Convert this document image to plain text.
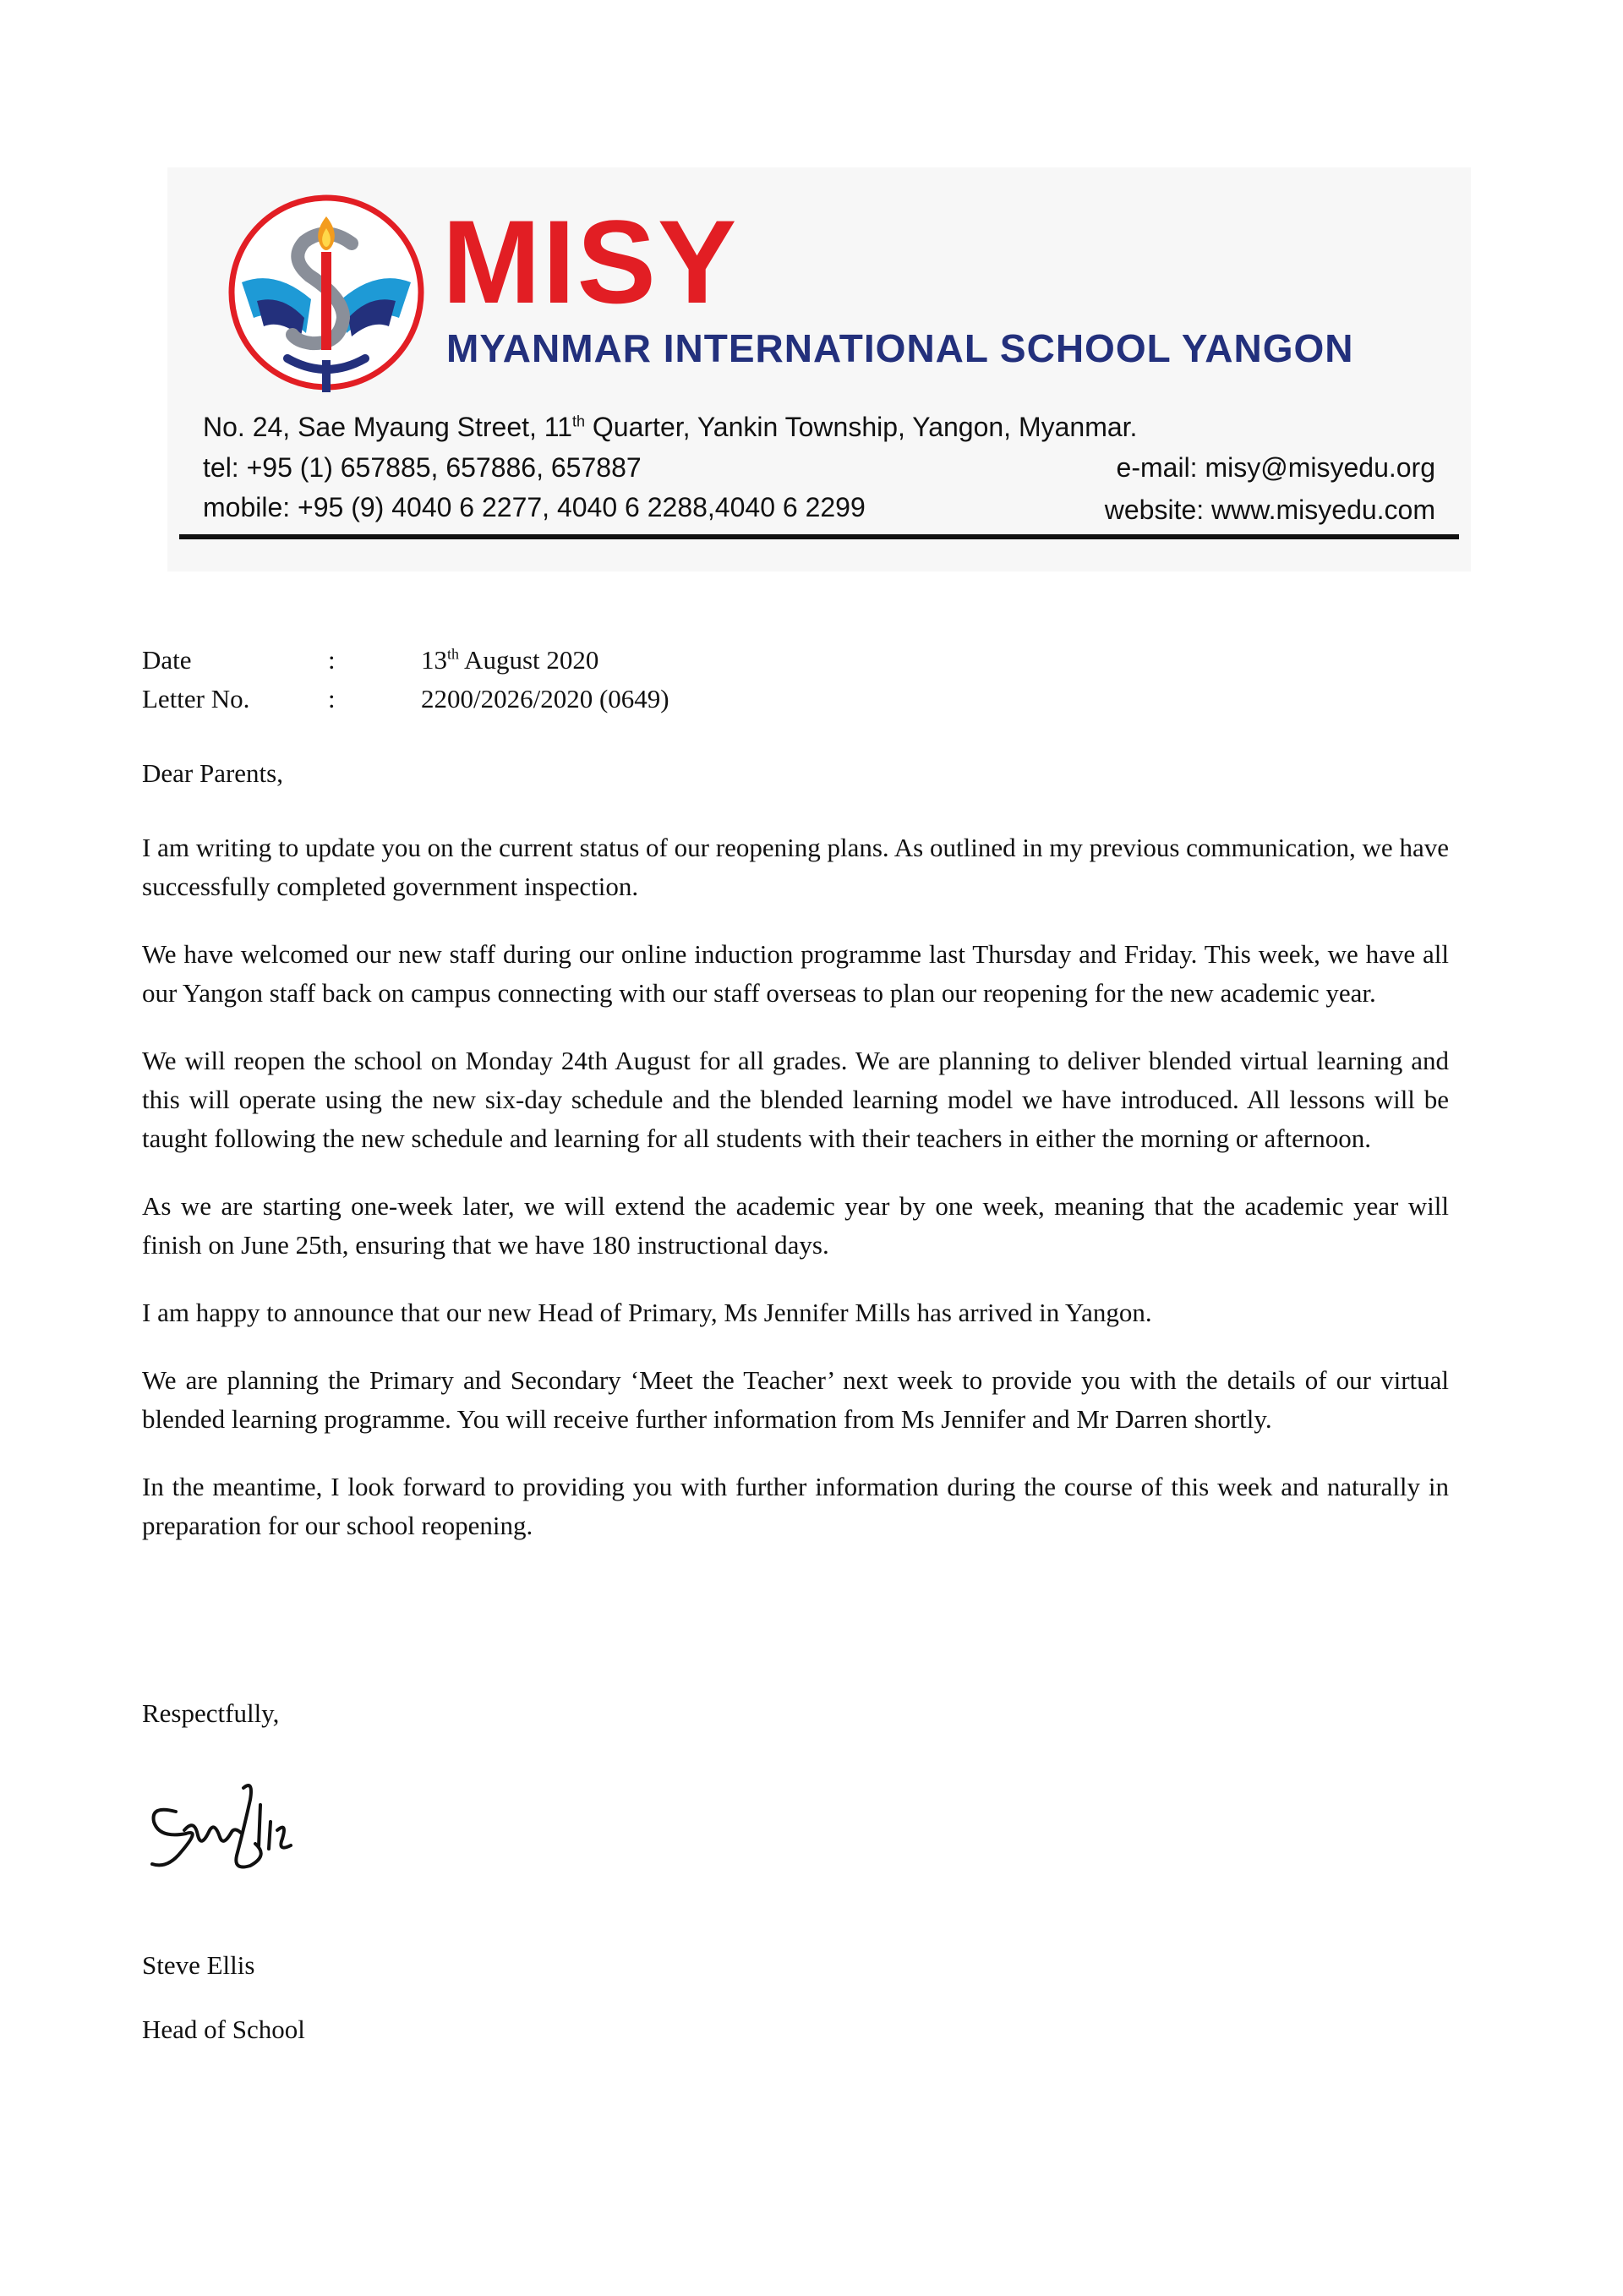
MISY
MYANMAR INTERNATIONAL SCHOOL YANGON
No. 24, Sae Myaung Street, 11th Quarter, Yankin Township, Yangon, Myanmar.
tel: +95 (1) 657885, 657886, 657887
mobile: +95 (9) 4040 6 2277, 4040 6 2288,4040 6 2299
e-mail: misy@misyedu.org
website: www.misyedu.com
Date	:	13th August 2020
Letter No.	:	2200/2026/2020 (0649)
Dear Parents,

I am writing to update you on the current status of our reopening plans. As outlined in my previous communication, we have successfully completed government inspection.

We have welcomed our new staff during our online induction programme last Thursday and Friday. This week, we have all our Yangon staff back on campus connecting with our staff overseas to plan our reopening for the new academic year.

We will reopen the school on Monday 24th August for all grades. We are planning to deliver blended virtual learning and this will operate using the new six-day schedule and the blended learning model we have introduced. All lessons will be taught following the new schedule and learning for all students with their teachers in either the morning or afternoon.

As we are starting one-week later, we will extend the academic year by one week, meaning that the academic year will finish on June 25th, ensuring that we have 180 instructional days.

I am happy to announce that our new Head of Primary, Ms Jennifer Mills has arrived in Yangon.

We are planning the Primary and Secondary ‘Meet the Teacher’ next week to provide you with the details of our virtual blended learning programme. You will receive further information from Ms Jennifer and Mr Darren shortly.

In the meantime, I look forward to providing you with further information during the course of this week and naturally in preparation for our school reopening.

Respectfully,
Steve Ellis
Head of School
